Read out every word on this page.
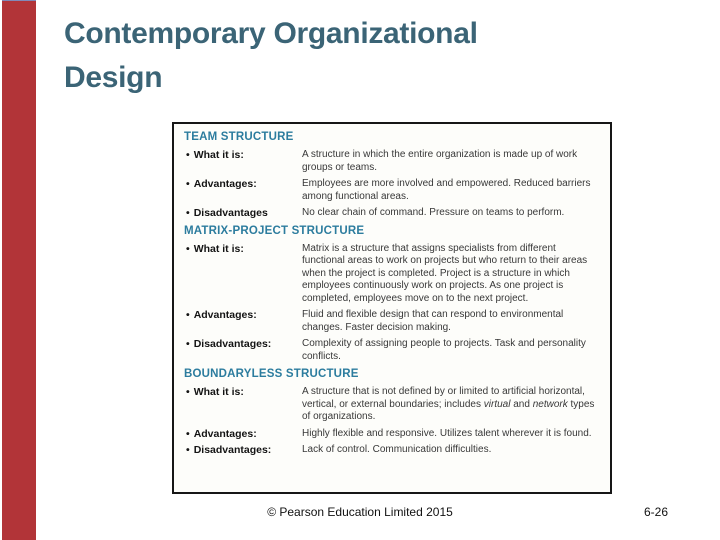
Contemporary Organizational Design
TEAM STRUCTURE
• What it is:	A structure in which the entire organization is made up of work groups or teams.
• Advantages:	Employees are more involved and empowered. Reduced barriers among functional areas.
• Disadvantages	No clear chain of command. Pressure on teams to perform.
MATRIX-PROJECT STRUCTURE
• What it is:	Matrix is a structure that assigns specialists from different functional areas to work on projects but who return to their areas when the project is completed. Project is a structure in which employees continuously work on projects. As one project is completed, employees move on to the next project.
• Advantages:	Fluid and flexible design that can respond to environmental changes. Faster decision making.
• Disadvantages:	Complexity of assigning people to projects. Task and personality conflicts.
BOUNDARYLESS STRUCTURE
• What it is:	A structure that is not defined by or limited to artificial horizontal, vertical, or external boundaries; includes virtual and network types of organizations.
• Advantages:	Highly flexible and responsive. Utilizes talent wherever it is found.
• Disadvantages:	Lack of control. Communication difficulties.
© Pearson Education Limited 2015	6-26
